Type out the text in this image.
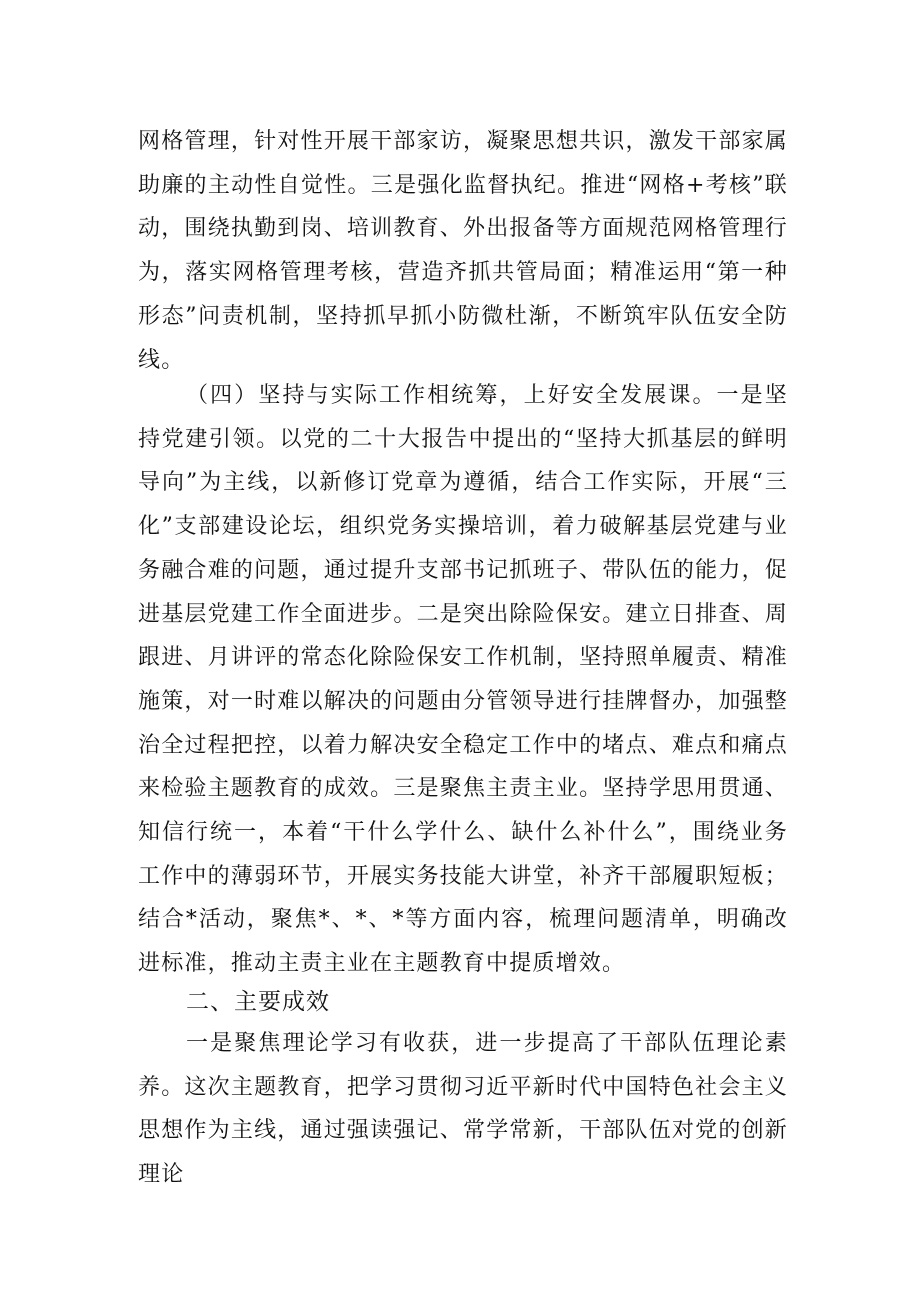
网格管理，针对性开展干部家访，凝聚思想共识，激发干部家属助廉的主动性自觉性。三是强化监督执纪。推进“网格+考核”联动，围绕执勤到岗、培训教育、外出报备等方面规范网格管理行为，落实网格管理考核，营造齐抓共管局面；精准运用“第一种形态”问责机制，坚持抓早抓小防微杜渐，不断筑牢队伍安全防线。

（四）坚持与实际工作相统筹，上好安全发展课。一是坚持党建引领。以党的二十大报告中提出的“坚持大抓基层的鲜明导向”为主线，以新修订党章为遵循，结合工作实际，开展“三化”支部建设论坛，组织党务实操培训，着力破解基层党建与业务融合难的问题，通过提升支部书记抓班子、带队伍的能力，促进基层党建工作全面进步。二是突出除险保安。建立日排查、周跟进、月讲评的常态化除险保安工作机制，坚持照单履责、精准施策，对一时难以解决的问题由分管领导进行挂牌督办，加强整治全过程把控，以着力解决安全稳定工作中的堵点、难点和痛点来检验主题教育的成效。三是聚焦主责主业。坚持学思用贯通、知信行统一，本着“干什么学什么、缺什么补什么”，围绕业务工作中的薄弱环节，开展实务技能大讲堂，补齐干部履职短板；结合*活动，聚焦*、*、*等方面内容，梳理问题清单，明确改进标准，推动主责主业在主题教育中提质增效。

二、主要成效

一是聚焦理论学习有收获，进一步提高了干部队伍理论素养。这次主题教育，把学习贯彻习近平新时代中国特色社会主义思想作为主线，通过强读强记、常学常新，干部队伍对党的创新理论
